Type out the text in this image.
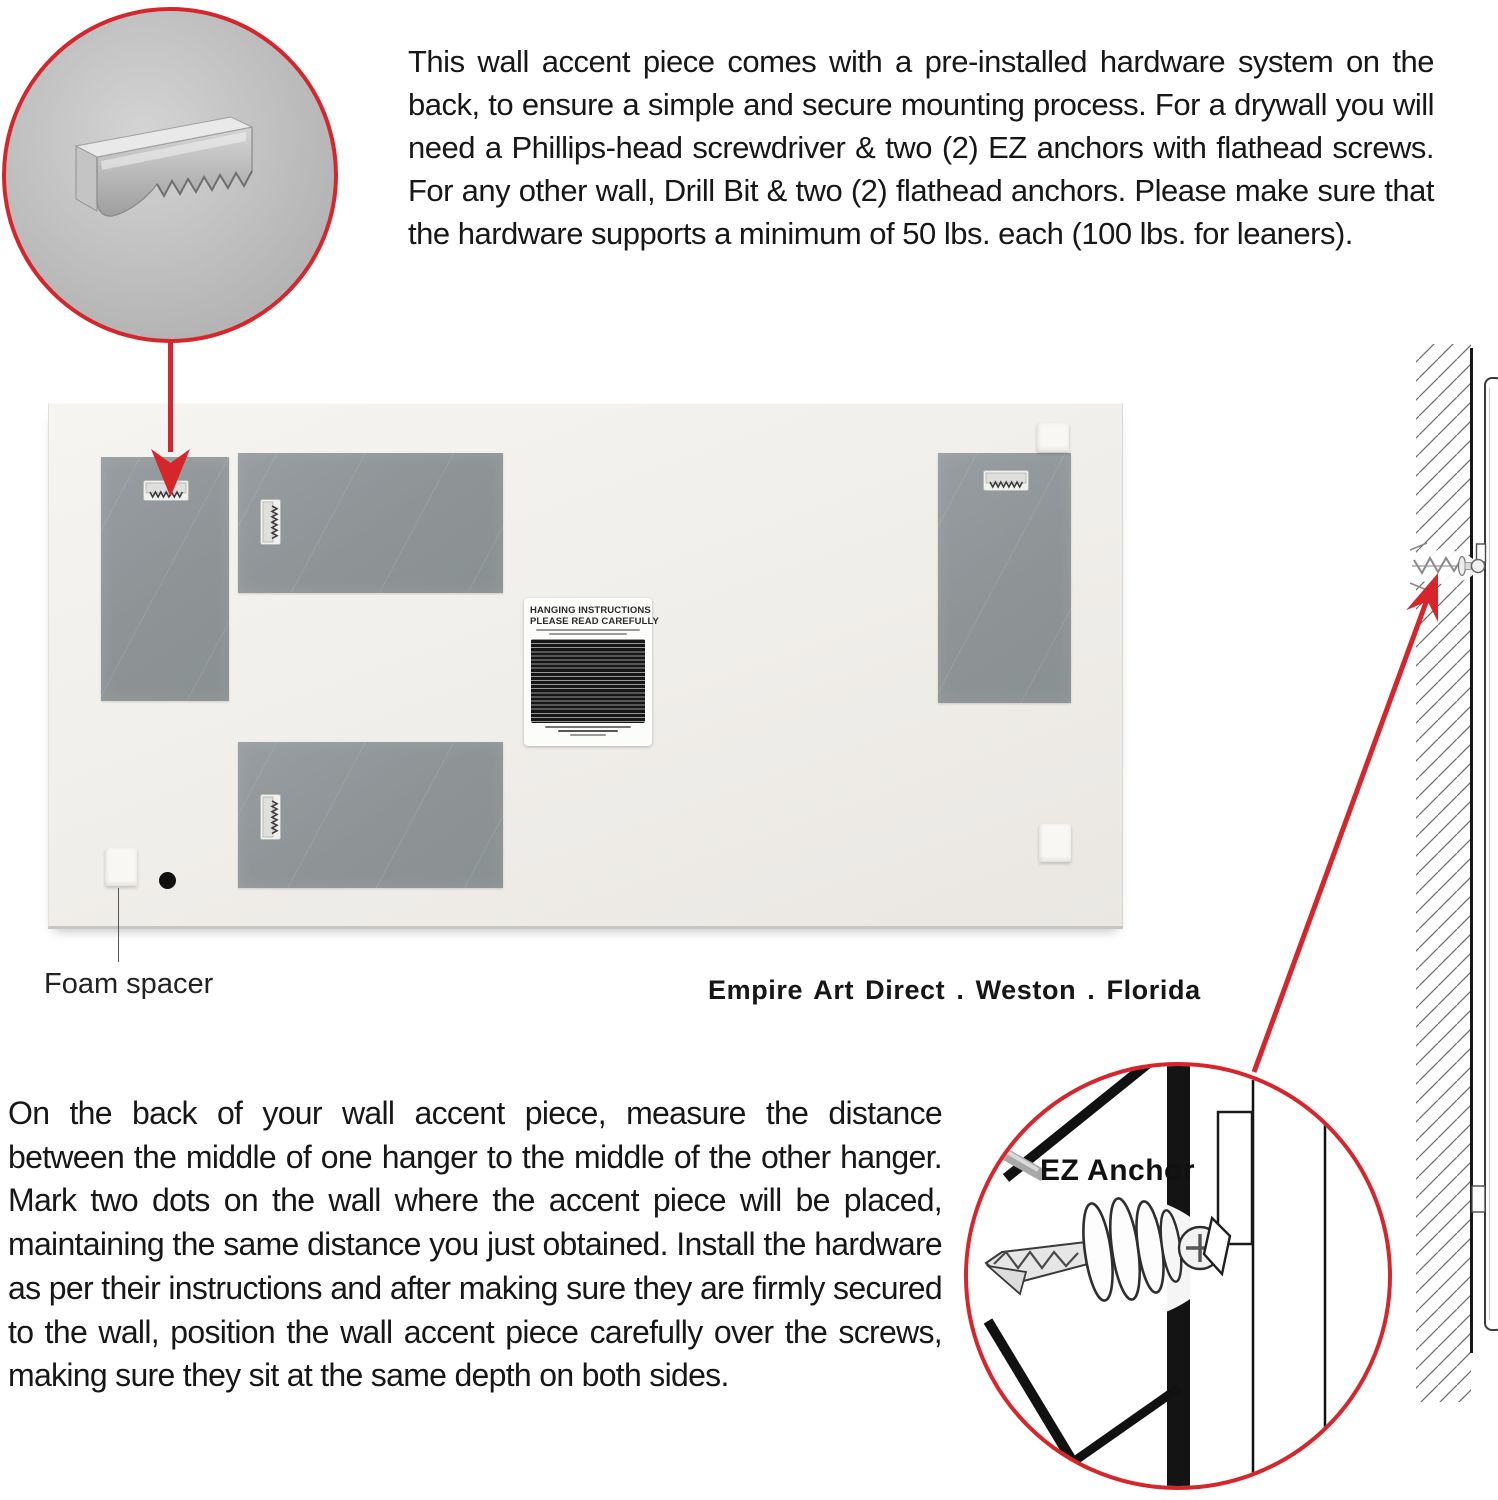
This wall accent piece comes with a pre-installed hardware system on the back, to ensure a simple and secure mounting process. For a drywall you will need a Phillips-head screwdriver & two (2) EZ anchors with flathead screws. For any other wall, Drill Bit & two (2) flathead anchors. Please make sure that the hardware supports a minimum of 50 lbs. each (100 lbs. for leaners).
HANGING INSTRUCTIONS
PLEASE READ CAREFULLY
Foam spacer	Empire Art Direct . Weston . Florida
On the back of your wall accent piece, measure the distance between the middle of one hanger to the middle of the other hanger. Mark two dots on the wall where the accent piece will be placed, maintaining the same distance you just obtained. Install the hardware as per their instructions and after making sure they are firmly secured to the wall, position the wall accent piece carefully over the screws, making sure they sit at the same depth on both sides.
EZ Anchor
